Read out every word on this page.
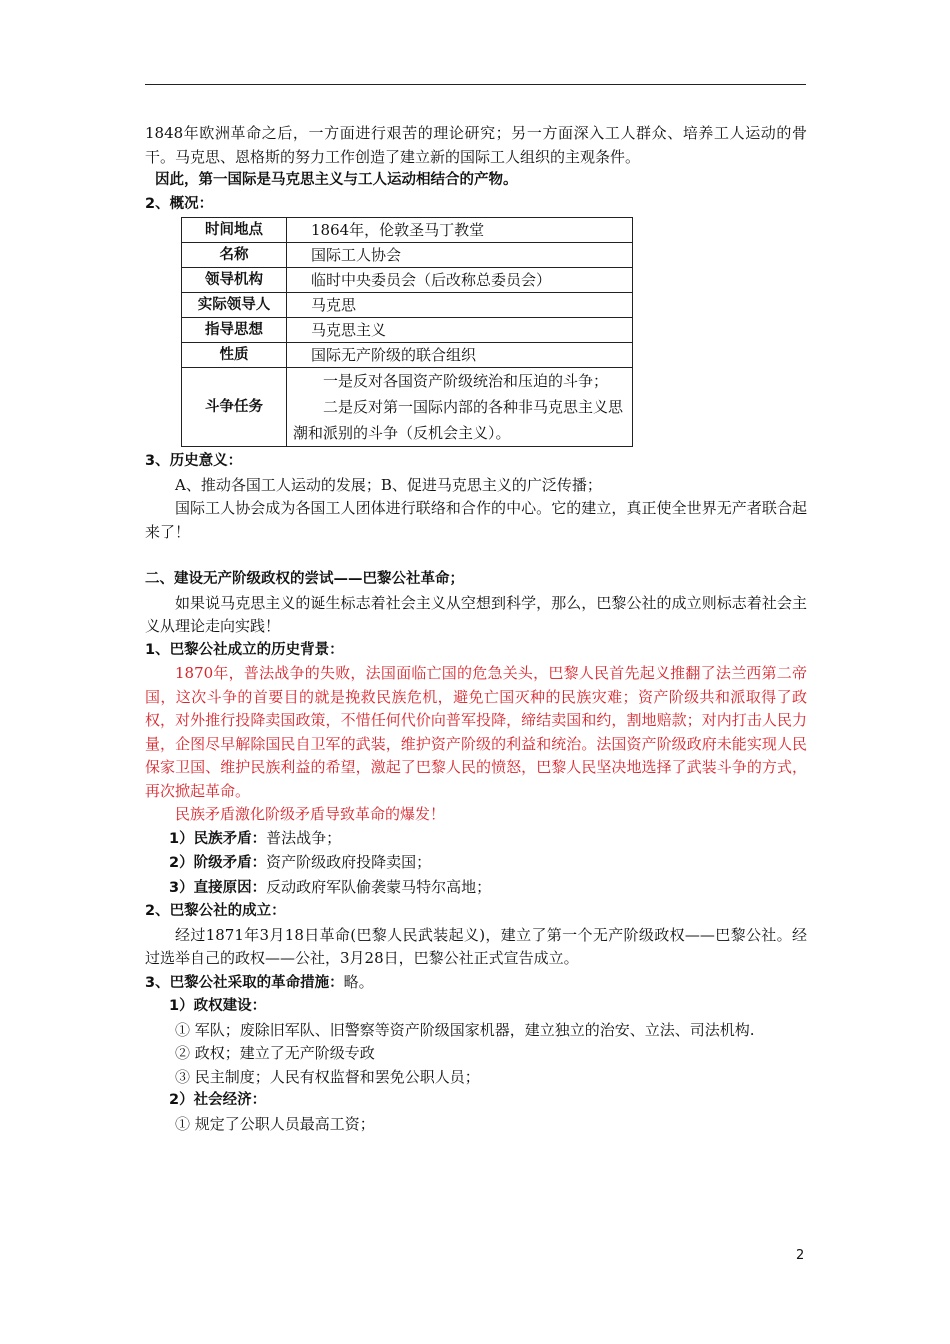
1848年欧洲革命之后，一方面进行艰苦的理论研究；另一方面深入工人群众、培养工人运动的骨干。马克思、恩格斯的努力工作创造了建立新的国际工人组织的主观条件。

因此，第一国际是马克思主义与工人运动相结合的产物。

2、概况：

时间地点	1864年，伦敦圣马丁教堂
名称	国际工人协会
领导机构	临时中央委员会（后改称总委员会）
实际领导人	马克思
指导思想	马克思主义
性质	国际无产阶级的联合组织
斗争任务	一是反对各国资产阶级统治和压迫的斗争；
二是反对第一国际内部的各种非马克思主义思潮和派别的斗争（反机会主义）。

3、历史意义：

A、推动各国工人运动的发展；B、促进马克思主义的广泛传播；

国际工人协会成为各国工人团体进行联络和合作的中心。它的建立，真正使全世界无产者联合起来了！

二、建设无产阶级政权的尝试——巴黎公社革命；

如果说马克思主义的诞生标志着社会主义从空想到科学，那么，巴黎公社的成立则标志着社会主义从理论走向实践！

1、巴黎公社成立的历史背景：

1870年，普法战争的失败，法国面临亡国的危急关头，巴黎人民首先起义推翻了法兰西第二帝国，这次斗争的首要目的就是挽救民族危机，避免亡国灭种的民族灾难；资产阶级共和派取得了政权，对外推行投降卖国政策，不惜任何代价向普军投降，缔结卖国和约，割地赔款；对内打击人民力量，企图尽早解除国民自卫军的武装，维护资产阶级的利益和统治。法国资产阶级政府未能实现人民保家卫国、维护民族利益的希望，激起了巴黎人民的愤怒，巴黎人民坚决地选择了武装斗争的方式，再次掀起革命。

民族矛盾激化阶级矛盾导致革命的爆发！

1）民族矛盾：普法战争；

2）阶级矛盾：资产阶级政府投降卖国；

3）直接原因：反动政府军队偷袭蒙马特尔高地；

2、巴黎公社的成立：

经过1871年3月18日革命(巴黎人民武装起义)，建立了第一个无产阶级政权——巴黎公社。经过选举自己的政权——公社，3月28日，巴黎公社正式宣告成立。

3、巴黎公社采取的革命措施：略。

1）政权建设：

① 军队；废除旧军队、旧警察等资产阶级国家机器，建立独立的治安、立法、司法机构.

② 政权；建立了无产阶级专政

③ 民主制度；人民有权监督和罢免公职人员；

2）社会经济：

① 规定了公职人员最高工资；

2
